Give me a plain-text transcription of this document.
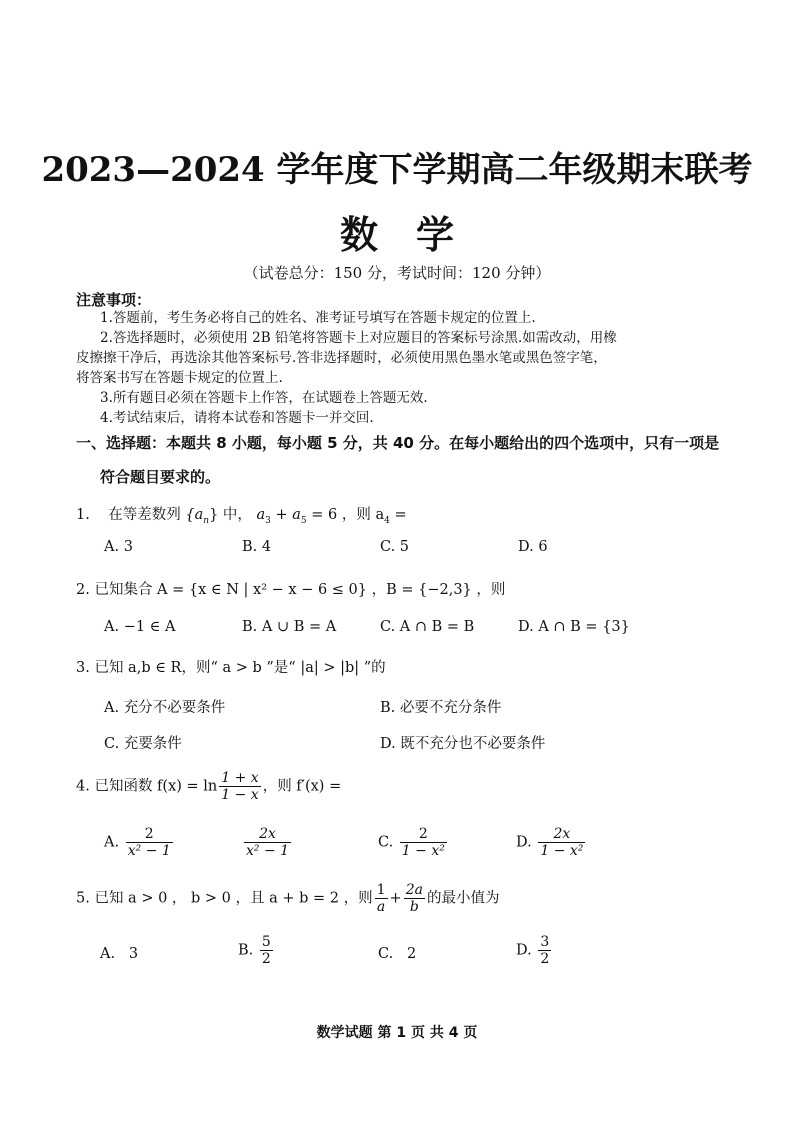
2023—2024 学年度下学期高二年级期末联考
数学
（试卷总分：150 分，考试时间：120 分钟）
注意事项：
1.答题前，考生务必将自己的姓名、准考证号填写在答题卡规定的位置上.
2.答选择题时，必须使用 2B 铅笔将答题卡上对应题目的答案标号涂黑.如需改动，用橡
皮擦擦干净后，再选涂其他答案标号.答非选择题时，必须使用黑色墨水笔或黑色签字笔，
将答案书写在答题卡规定的位置上.
3.所有题目必须在答题卡上作答，在试题卷上答题无效.
4.考试结束后，请将本试卷和答题卡一并交回.
一、选择题：本题共 8 小题，每小题 5 分，共 40 分。在每小题给出的四个选项中，只有一项是
符合题目要求的。
1. 在等差数列 $\{a_n\}$ 中， $a_3 + a_5 = 6$ ，则 $a_4$ =
A. 3	B. 4	C. 5	D. 6
2. 已知集合 A = {x ∈ N | x² − x − 6 ≤ 0} ，B = {−2,3} ，则
A. −1 ∈ A	B. A ∪ B = A	C. A ∩ B = B	D. A ∩ B = {3}
3. 已知 a,b ∈ R，则“ a > b ”是“ |a| > |b| ”的
A. 充分不必要条件	B. 必要不充分条件
C. 充要条件	D. 既不充分也不必要条件
4. 已知函数 $f(x) = \ln \frac{1 + x}{1 - x}$ ，则 f′(x) =
A. $\frac{2}{\text{x² − 1}}$	$\frac{2x}{\text{x² − 1}}$	C. $\frac{2}{\text{1 − x²}}$	D. $\frac{2x}{\text{1 − x²}}$
5. 已知 a > 0 ， b > 0 ，且 a + b = 2 ，则 $\frac{1}{a} + \frac{2a}{b}$ 的最小值为
A. 3	B. $\frac{5}{2}$	C. 2	D. $\frac{3}{2}$
数学试题 第 1 页 共 4 页
